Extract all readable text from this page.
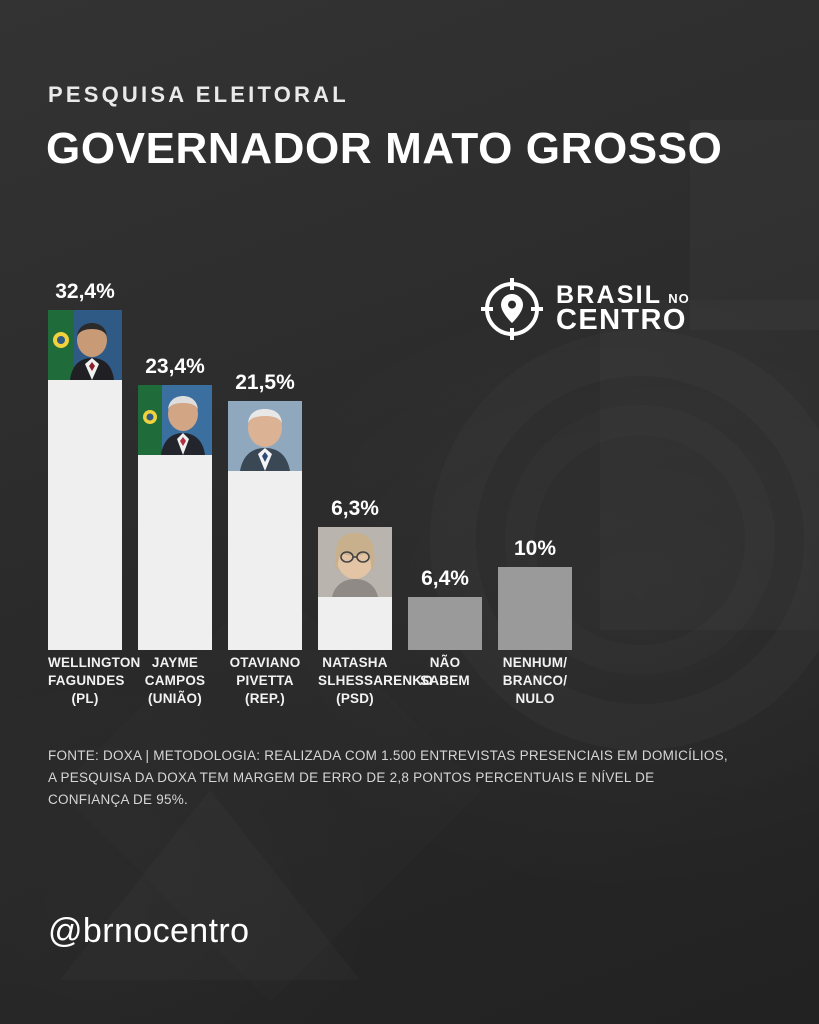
PESQUISA ELEITORAL
GOVERNADOR MATO GROSSO
BRASIL NO
CENTRO
32,4%
23,4%
21,5%
6,3%
6,4%
10%
WELLINGTON
FAGUNDES
(PL)
JAYME
CAMPOS
(UNIÃO)
OTAVIANO
PIVETTA
(REP.)
NATASHA
SLHESSARENKO
(PSD)
NÃO
SABEM
NENHUM/
BRANCO/
NULO
FONTE: DOXA | METODOLOGIA: REALIZADA COM 1.500 ENTREVISTAS PRESENCIAIS EM DOMICÍLIOS, A PESQUISA DA DOXA TEM MARGEM DE ERRO DE 2,8 PONTOS PERCENTUAIS E NÍVEL DE CONFIANÇA DE 95%.
@brnocentro
